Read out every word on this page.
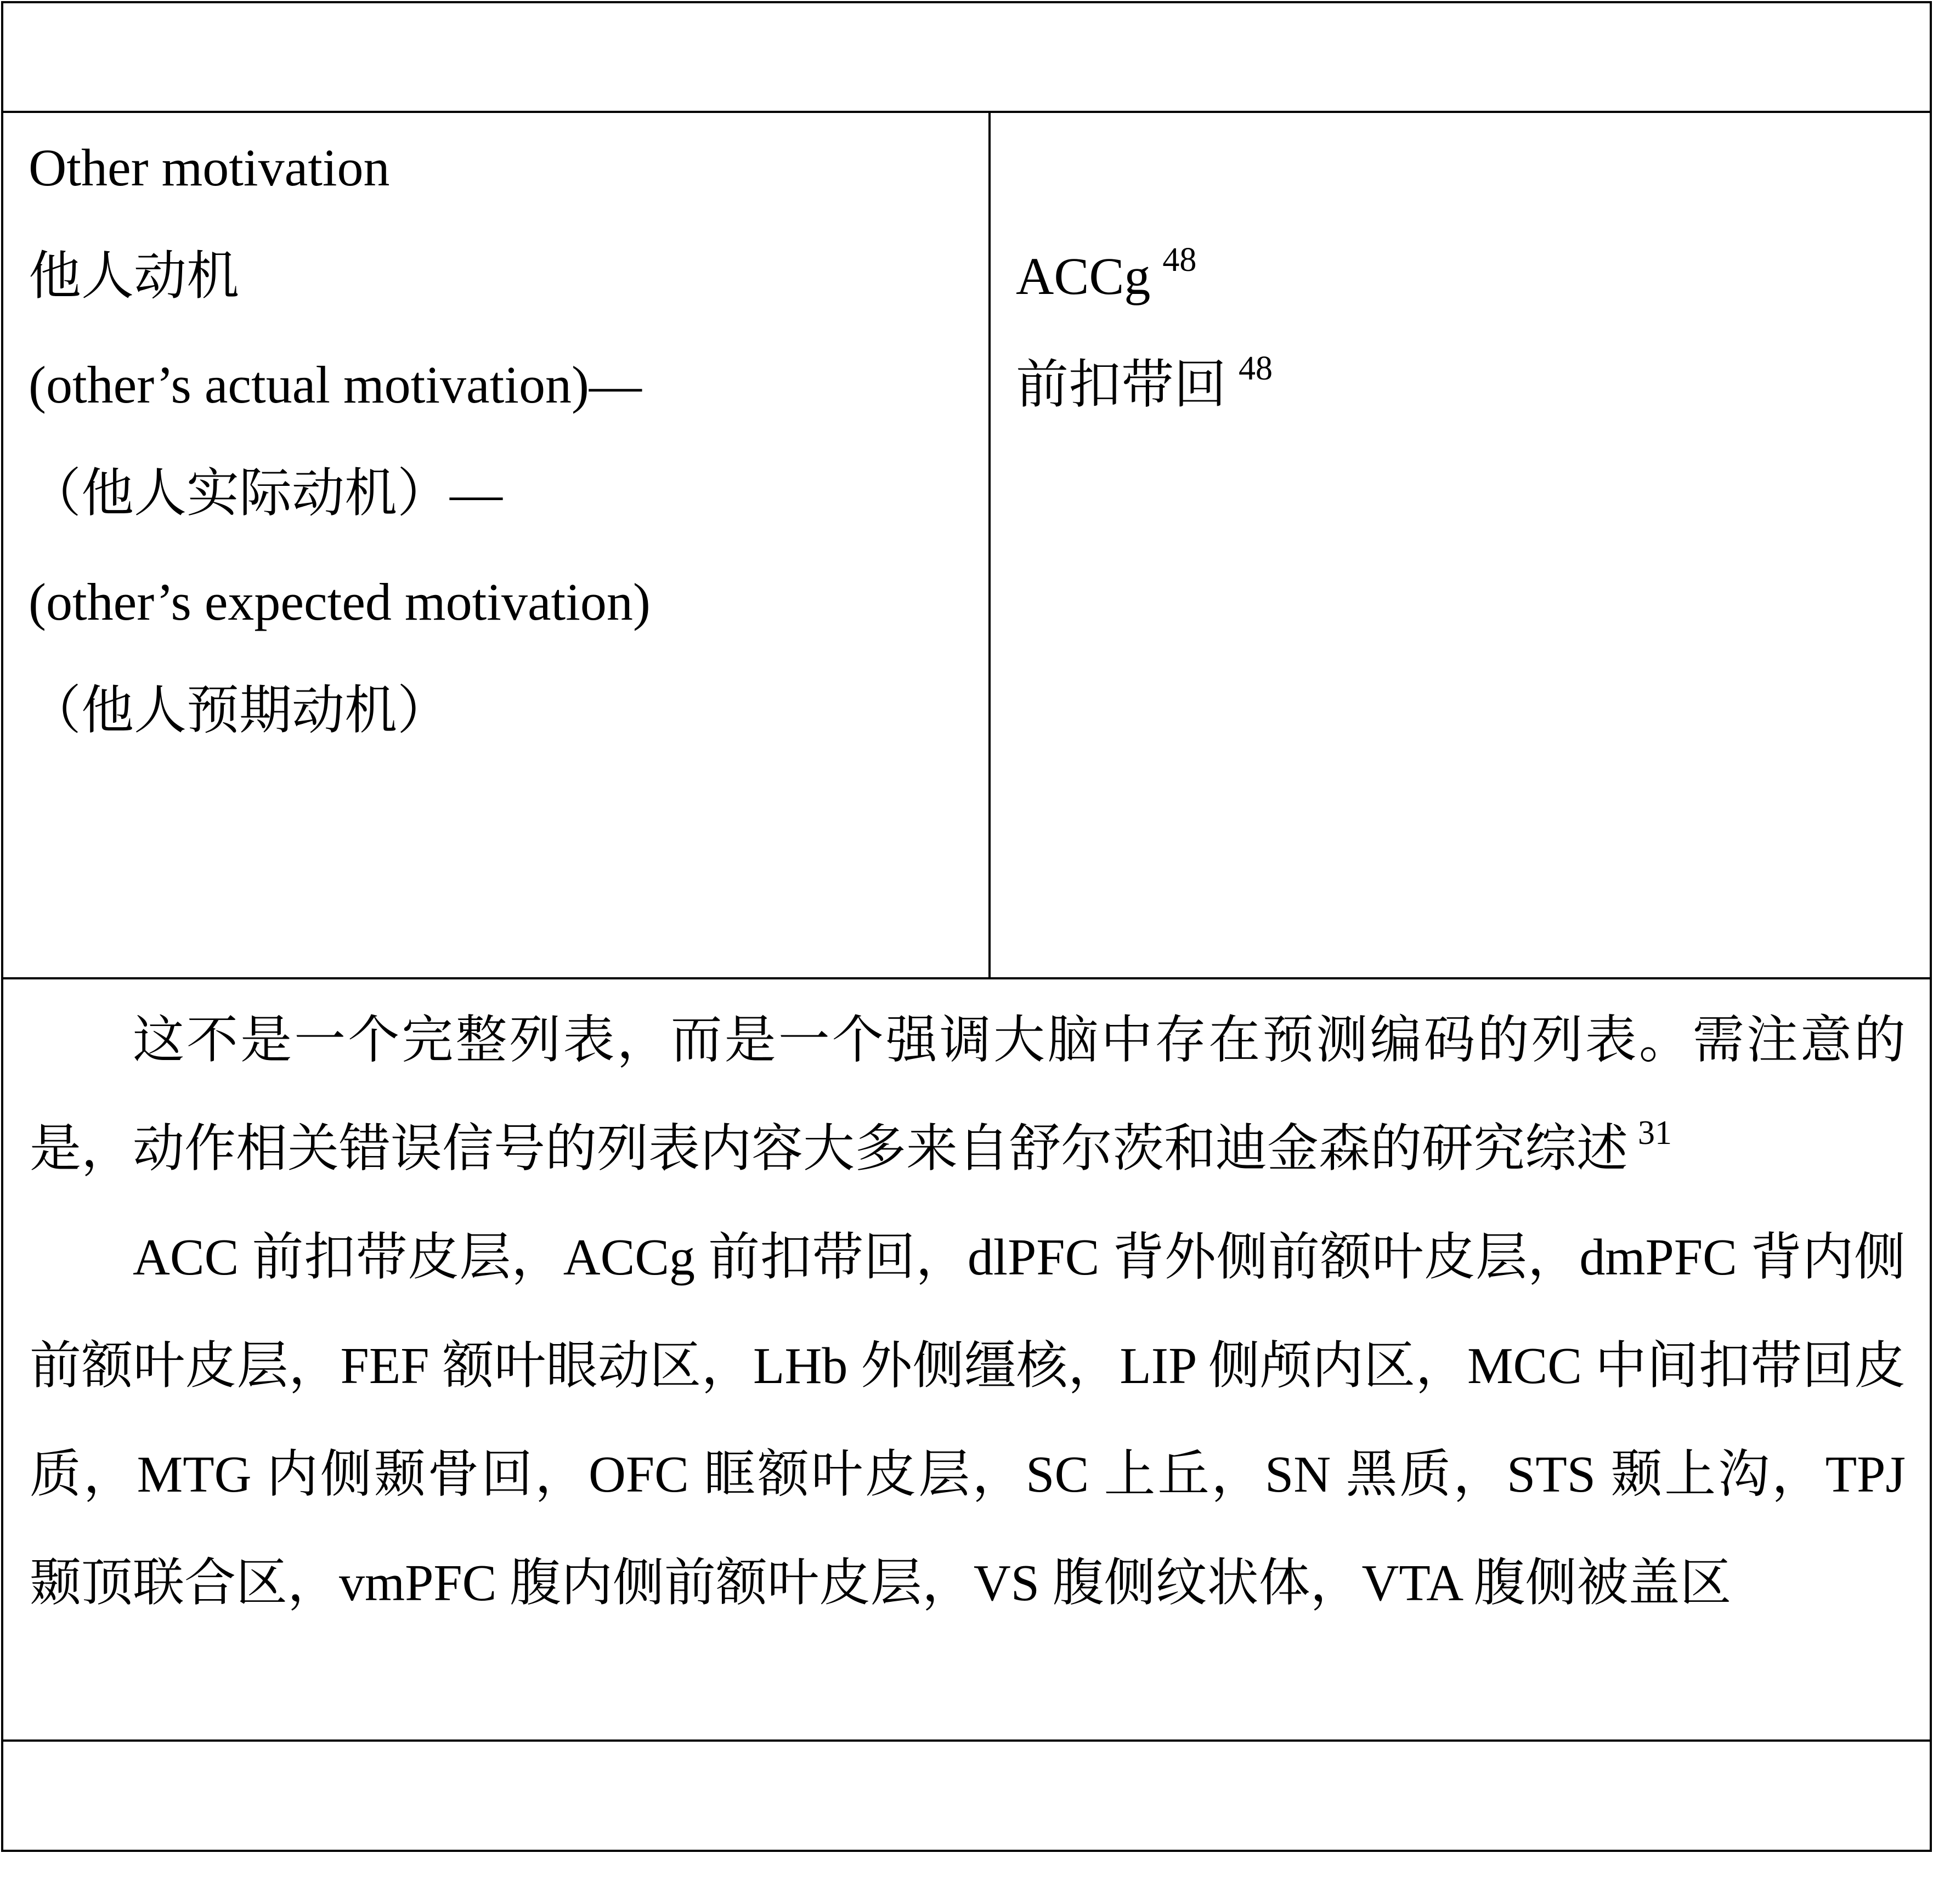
Other motivation
他人动机
(other’s actual motivation)—
（他人实际动机）—
(other’s expected motivation)
（他人预期动机）
ACCg $^{48}$
前扣带回 $^{48}$
这不是一个完整列表，而是一个强调大脑中存在预测编码的列表。需注意的是，动作相关错误信号的列表内容大多来自舒尔茨和迪金森的研究综述 $^{31}$
ACC 前扣带皮层，ACCg 前扣带回，dlPFC 背外侧前额叶皮层，dmPFC 背内侧前额叶皮层，FEF 额叶眼动区，LHb 外侧缰核，LIP 侧颅内区，MCC 中间扣带回皮质，MTG 内侧颞骨回，OFC 眶额叶皮层，SC 上丘，SN 黑质，STS 颞上沟，TPJ 颞顶联合区，vmPFC 腹内侧前额叶皮层，VS 腹侧纹状体，VTA 腹侧被盖区
